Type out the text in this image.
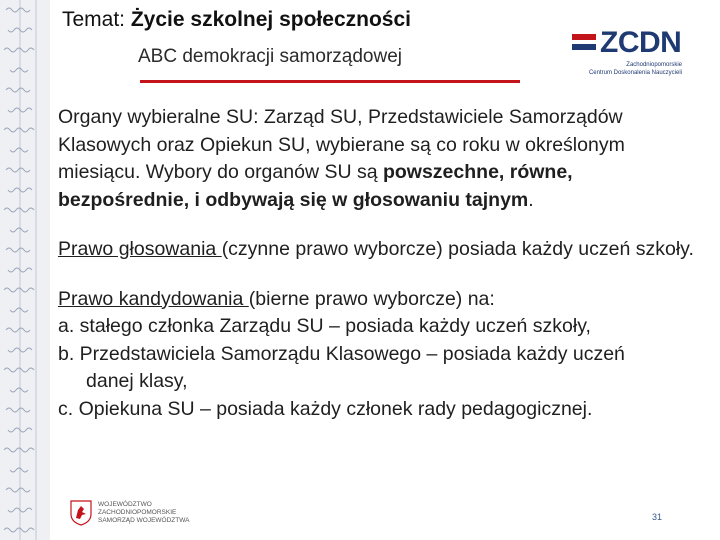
Temat: Życie szkolnej społeczności
ABC demokracji samorządowej	ZCDN
Zachodniopomorskie
Centrum Doskonalenia Nauczycieli

Organy wybieralne SU: Zarząd SU, Przedstawiciele Samorządów Klasowych oraz Opiekun SU, wybierane są co roku w określonym miesiącu. Wybory do organów SU są powszechne, równe, bezpośrednie, i odbywają się w głosowaniu tajnym.

Prawo głosowania (czynne prawo wyborcze) posiada każdy uczeń szkoły.

Prawo kandydowania (bierne prawo wyborcze) na:

a. stałego członka Zarządu SU – posiada każdy uczeń szkoły,

b. Przedstawiciela Samorządu Klasowego – posiada każdy uczeń
danej klasy,

c. Opiekuna SU – posiada każdy członek rady pedagogicznej.

WOJEWÓDZTWO
ZACHODNIOPOMORSKIE
SAMORZĄD WOJEWÓDZTWA	31
